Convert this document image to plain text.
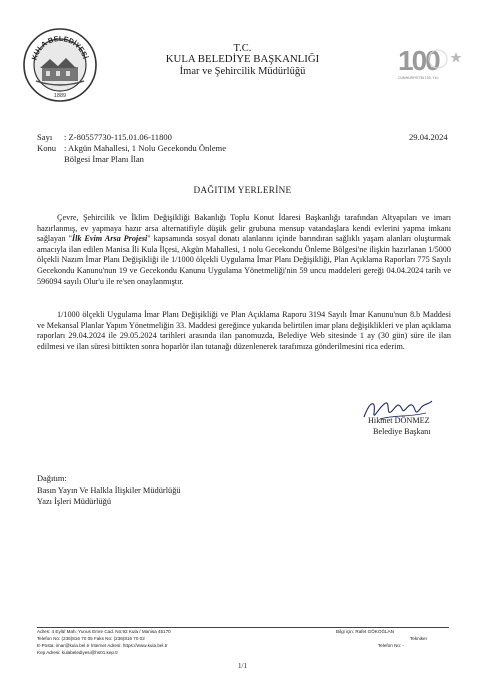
KULA BELEDİYESİ
1889
T.C.
KULA BELEDİYE BAŞKANLIĞI
İmar ve Şehircilik Müdürlüğü	100
CUMHURİYETİN 100. YILI
Sayı : Z-80557730-115.01.06-11800	29.04.2024
Konu : Akgün Mahallesi, 1 Nolu Gecekondu Önleme
Bölgesi İmar Planı İlan
DAĞITIM YERLERİNE
Çevre, Şehircilik ve İklim Değişikliği Bakanlığı Toplu Konut İdaresi Başkanlığı tarafından Altyapıları ve imarı hazırlanmış, ev yapmaya hazır arsa alternatifiyle düşük gelir grubuna mensup vatandaşlara kendi evlerini yapma imkanı sağlayan "İlk Evim Arsa Projesi" kapsamında sosyal donatı alanlarını içinde barındıran sağlıklı yaşam alanları oluşturmak amacıyla ilan edilen Manisa İli Kula İlçesi, Akgün Mahallesi, 1 nolu Gecekondu Önleme Bölgesi'ne ilişkin hazırlanan 1/5000 ölçekli Nazım İmar Planı Değişikliği ile 1/1000 ölçekli Uygulama İmar Planı Değişikliği, Plan Açıklama Raporları 775 Sayılı Gecekondu Kanunu'nun 19 ve Gecekondu Kanunu Uygulama Yönetmeliği'nin 59 uncu maddeleri gereği 04.04.2024 tarih ve 596094 sayılı Olur'u ile re'sen onaylanmıştır.
1/1000 ölçekli Uygulama İmar Planı Değişikliği ve Plan Açıklama Raporu 3194 Sayılı İmar Kanunu'nun 8.b Maddesi ve Mekansal Planlar Yapım Yönetmeliğin 33. Maddesi gereğince yukarıda belirtilen imar planı değişiklikleri ve plan açıklama raporları 29.04.2024 ile 29.05.2024 tarihleri arasında ilan panomuzda, Belediye Web sitesinde 1 ay (30 gün) süre ile ilan edilmesi ve ilan süresi bittikten sonra hoparlör ilan tutanağı düzenlenerek tarafımıza gönderilmesini rica ederim.
Hikmet DÖNMEZ
Belediye Başkanı
Dağıtım:
Basın Yayın Ve Halkla İlişkiler Müdürlüğü
Yazı İşleri Müdürlüğü
Adres: 4 Eylül Mah. Yunus Emre Cad. No:92 Kula / Manisa 45170
Telefon No: (236)816 70 05 Faks No: (236)816 70 02
E-Posta: imar@kula.bel.tr İnternet Adresi: https://www.kula.bel.tr
Kep Adresi: kulabelediyesi@hs01.kep.tr
Bilgi için: Rafet GÖKOĞLAN
Tekniker
Telefon No: -
1/1
